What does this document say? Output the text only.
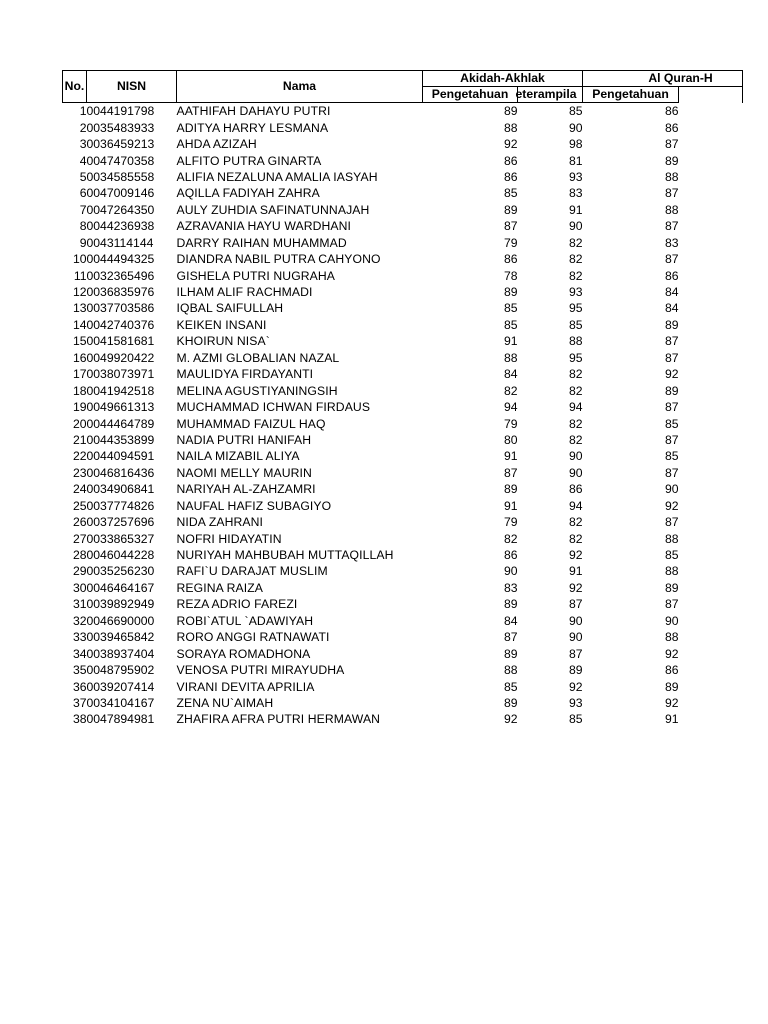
No.	NISN	Nama	Akidah-Akhlak		Al Quran-H	
			Pengetahuan	eterampila	Pengetahuan	
1	0044191798	AATHIFAH DAHAYU PUTRI	89	85	86	
2	0035483933	ADITYA HARRY LESMANA	88	90	86	
3	0036459213	AHDA AZIZAH	92	98	87	
4	0047470358	ALFITO PUTRA GINARTA	86	81	89	
5	0034585558	ALIFIA NEZALUNA AMALIA IASYAH	86	93	88	
6	0047009146	AQILLA FADIYAH ZAHRA	85	83	87	
7	0047264350	AULY ZUHDIA SAFINATUNNAJAH	89	91	88	
8	0044236938	AZRAVANIA HAYU WARDHANI	87	90	87	
9	0043114144	DARRY RAIHAN MUHAMMAD	79	82	83	
10	0044494325	DIANDRA NABIL PUTRA CAHYONO	86	82	87	
11	0032365496	GISHELA PUTRI NUGRAHA	78	82	86	
12	0036835976	ILHAM ALIF RACHMADI	89	93	84	
13	0037703586	IQBAL SAIFULLAH	85	95	84	
14	0042740376	KEIKEN INSANI	85	85	89	
15	0041581681	KHOIRUN NISA`	91	88	87	
16	0049920422	M. AZMI GLOBALIAN NAZAL	88	95	87	
17	0038073971	MAULIDYA FIRDAYANTI	84	82	92	
18	0041942518	MELINA AGUSTIYANINGSIH	82	82	89	
19	0049661313	MUCHAMMAD ICHWAN FIRDAUS	94	94	87	
20	0044464789	MUHAMMAD FAIZUL HAQ	79	82	85	
21	0044353899	NADIA PUTRI HANIFAH	80	82	87	
22	0044094591	NAILA MIZABIL ALIYA	91	90	85	
23	0046816436	NAOMI MELLY MAURIN	87	90	87	
24	0034906841	NARIYAH AL-ZAHZAMRI	89	86	90	
25	0037774826	NAUFAL HAFIZ SUBAGIYO	91	94	92	
26	0037257696	NIDA ZAHRANI	79	82	87	
27	0033865327	NOFRI HIDAYATIN	82	82	88	
28	0046044228	NURIYAH MAHBUBAH MUTTAQILLAH	86	92	85	
29	0035256230	RAFI`U DARAJAT MUSLIM	90	91	88	
30	0046464167	REGINA RAIZA	83	92	89	
31	0039892949	REZA ADRIO FAREZI	89	87	87	
32	0046690000	ROBI`ATUL `ADAWIYAH	84	90	90	
33	0039465842	RORO ANGGI RATNAWATI	87	90	88	
34	0038937404	SORAYA ROMADHONA	89	87	92	
35	0048795902	VENOSA PUTRI MIRAYUDHA	88	89	86	
36	0039207414	VIRANI DEVITA APRILIA	85	92	89	
37	0034104167	ZENA NU`AIMAH	89	93	92	
38	0047894981	ZHAFIRA AFRA PUTRI HERMAWAN	92	85	91	
